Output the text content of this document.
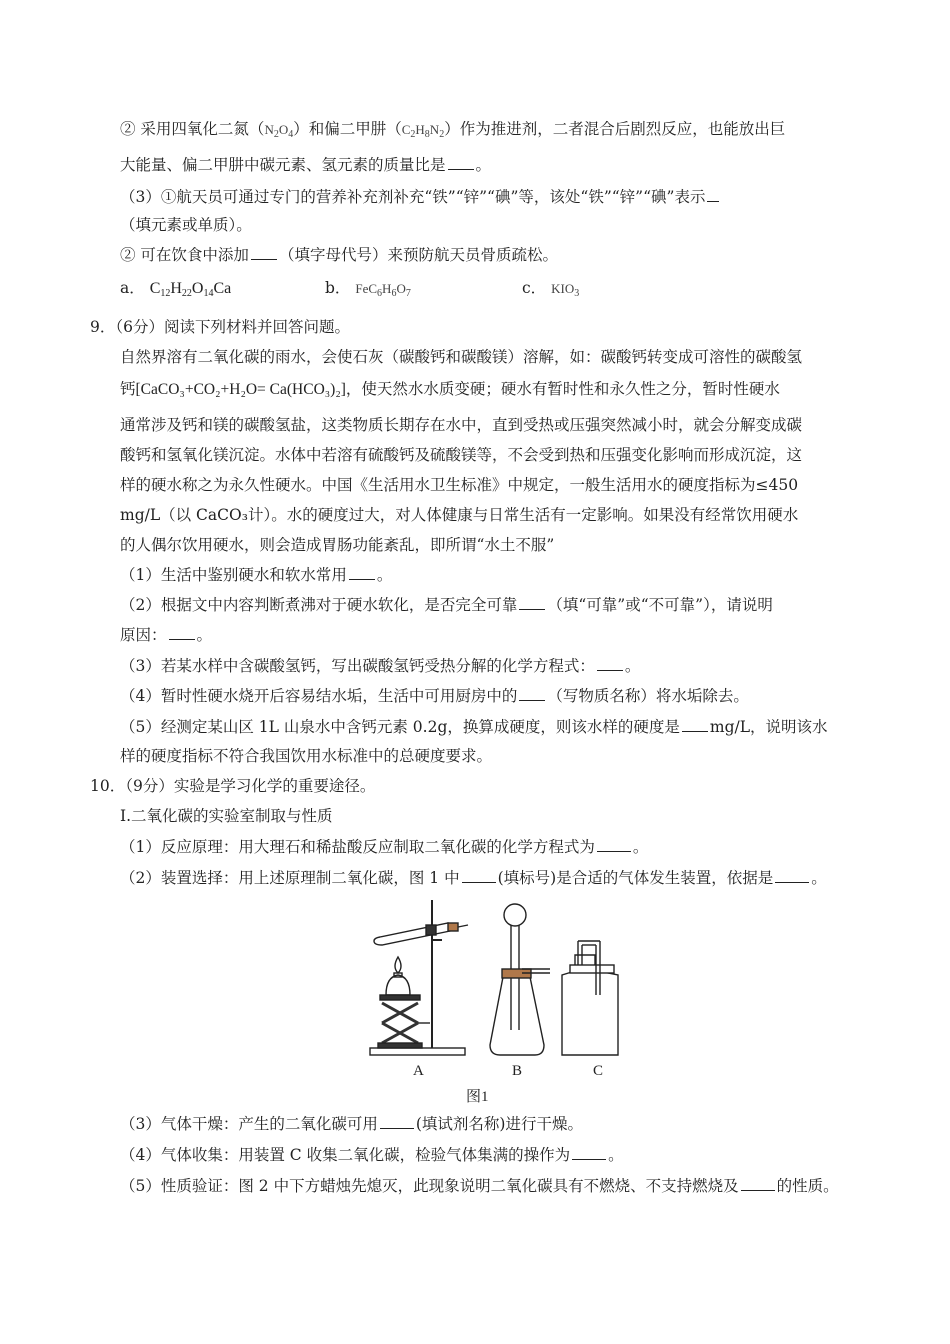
② 采用四氧化二氮$(N_2O_4)$和偏二甲肼$(C_2H_8N_2)$作为推进剂，二者混合后剧烈反应，也能放出巨
大能量、偏二甲肼中碳元素、氢元素的质量比是 。
（3）①航天员可通过专门的营养补充剂补充“铁”“锌”“碘”等，该处“铁”“锌”“碘”表示
（填元素或单质）。
② 可在饮食中添加 （填字母代号）来预防航天员骨质疏松。
a． $C_{12}H_{22}O_{14}Ca$	b． $FeC_6H_6O_7$	c． $KIO_3$
9．（6分）阅读下列材料并回答问题。
自然界溶有二氧化碳的雨水，会使石灰（碳酸钙和碳酸镁）溶解，如：碳酸钙转变成可溶性的碳酸氢
钙[CaCO₃+CO₂+H₂O= Ca(HCO₃)₂]，使天然水水质变硬；硬水有暂时性和永久性之分，暂时性硬水
通常涉及钙和镁的碳酸氢盐，这类物质长期存在水中，直到受热或压强突然减小时，就会分解变成碳
酸钙和氢氧化镁沉淀。水体中若溶有硫酸钙及硫酸镁等，不会受到热和压强变化影响而形成沉淀，这
样的硬水称之为永久性硬水。中国《生活用水卫生标准》中规定，一般生活用水的硬度指标为≤450
mg/L（以 CaCO₃计）。水的硬度过大，对人体健康与日常生活有一定影响。如果没有经常饮用硬水
的人偶尔饮用硬水，则会造成胃肠功能紊乱，即所谓“水土不服”
（1）生活中鉴别硬水和软水常用 。
（2）根据文中内容判断煮沸对于硬水软化，是否完全可靠 （填“可靠”或“不可靠”），请说明
原因： 。
（3）若某水样中含碳酸氢钙，写出碳酸氢钙受热分解的化学方程式： 。
（4）暂时性硬水烧开后容易结水垢，生活中可用厨房中的 （写物质名称）将水垢除去。
（5）经测定某山区 1L 山泉水中含钙元素 0.2g，换算成硬度，则该水样的硬度是 mg/L，说明该水
样的硬度指标不符合我国饮用水标准中的总硬度要求。
10．（9分）实验是学习化学的重要途径。
I.二氧化碳的实验室制取与性质
（1）反应原理：用大理石和稀盐酸反应制取二氧化碳的化学方程式为 。
（2）装置选择：用上述原理制二氧化碳，图 1 中 (填标号)是合适的气体发生装置，依据是 。
A	B	C
图1
（3）气体干燥：产生的二氧化碳可用 (填试剂名称)进行干燥。
（4）气体收集：用装置 C 收集二氧化碳，检验气体集满的操作为 。
（5）性质验证：图 2 中下方蜡烛先熄灭，此现象说明二氧化碳具有不燃烧、不支持燃烧及 的性质。
